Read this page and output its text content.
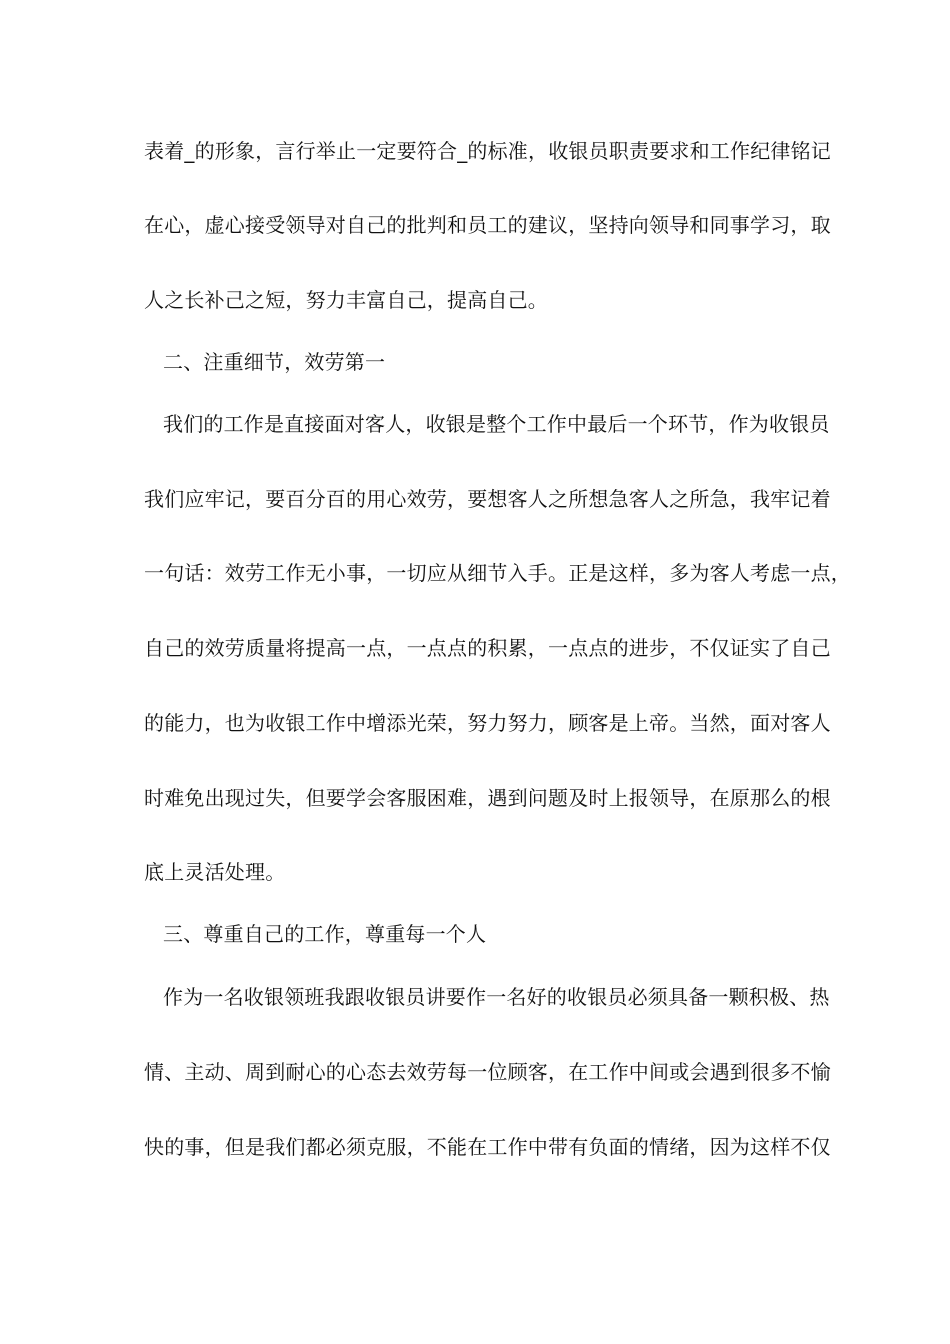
表着_的形象，言行举止一定要符合_的标准，收银员职责要求和工作纪律铭记
在心，虚心接受领导对自己的批判和员工的建议，坚持向领导和同事学习，取
人之长补己之短，努力丰富自己，提高自己。
二、注重细节，效劳第一
我们的工作是直接面对客人，收银是整个工作中最后一个环节，作为收银员
我们应牢记，要百分百的用心效劳，要想客人之所想急客人之所急，我牢记着
一句话：效劳工作无小事，一切应从细节入手。正是这样，多为客人考虑一点，
自己的效劳质量将提高一点，一点点的积累，一点点的进步，不仅证实了自己
的能力，也为收银工作中增添光荣，努力努力，顾客是上帝。当然，面对客人
时难免出现过失，但要学会客服困难，遇到问题及时上报领导，在原那么的根
底上灵活处理。
三、尊重自己的工作，尊重每一个人
作为一名收银领班我跟收银员讲要作一名好的收银员必须具备一颗积极、热
情、主动、周到耐心的心态去效劳每一位顾客，在工作中间或会遇到很多不愉
快的事，但是我们都必须克服，不能在工作中带有负面的情绪，因为这样不仅
